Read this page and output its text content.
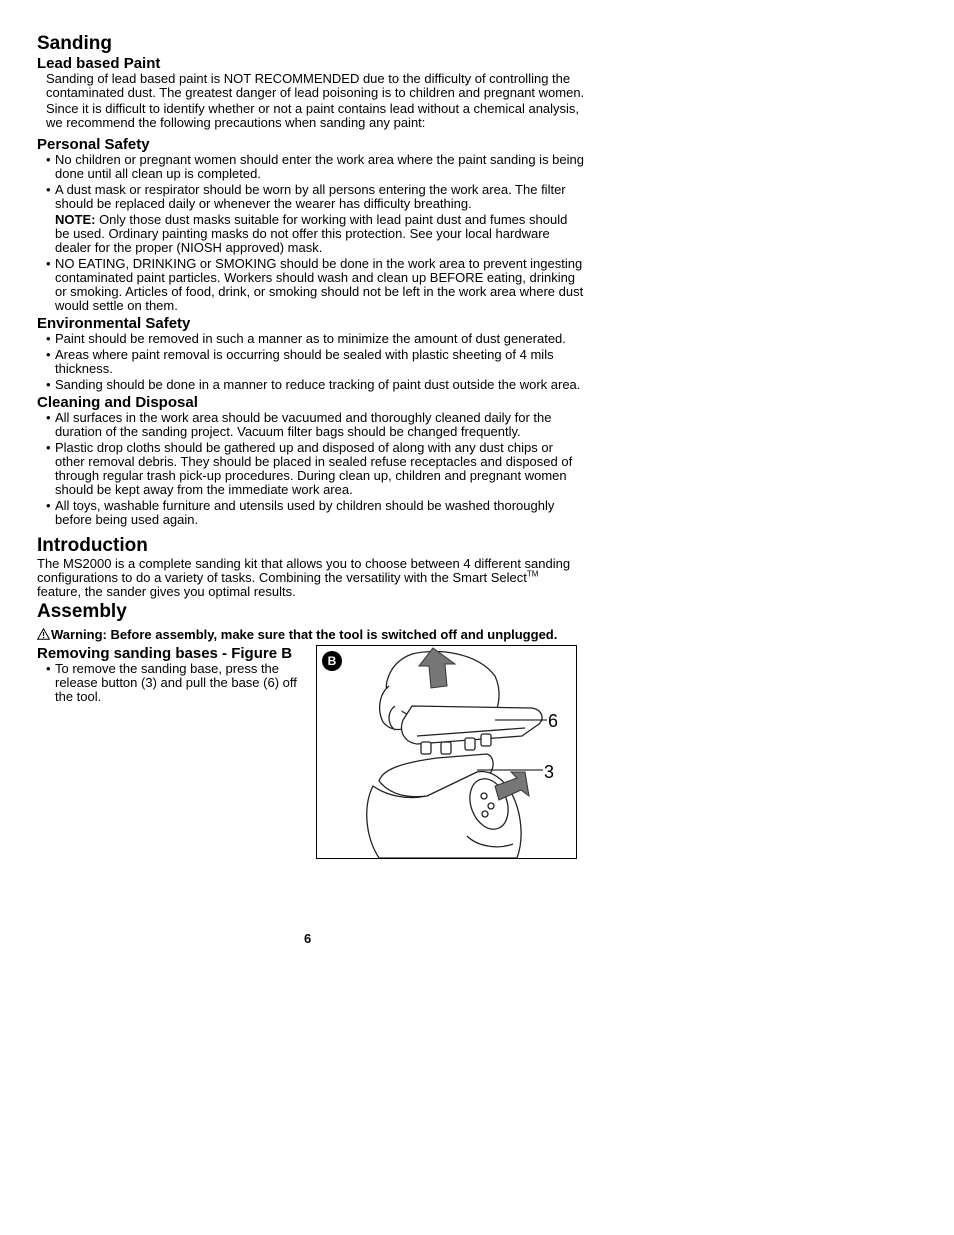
Sanding
Lead based Paint

Sanding of lead based paint is NOT RECOMMENDED due to the difficulty of controlling the contaminated dust. The greatest danger of lead poisoning is to children and pregnant women.

Since it is difficult to identify whether or not a paint contains lead without a chemical analysis, we recommend the following precautions when sanding any paint:

Personal Safety
• No children or pregnant women should enter the work area where the paint sanding is being done until all clean up is completed.
• A dust mask or respirator should be worn by all persons entering the work area. The filter should be replaced daily or whenever the wearer has difficulty breathing.
NOTE: Only those dust masks suitable for working with lead paint dust and fumes should be used. Ordinary painting masks do not offer this protection. See your local hardware dealer for the proper (NIOSH approved) mask.
• NO EATING, DRINKING or SMOKING should be done in the work area to prevent ingesting contaminated paint particles. Workers should wash and clean up BEFORE eating, drinking or smoking. Articles of food, drink, or smoking should not be left in the work area where dust would settle on them.
Environmental Safety
• Paint should be removed in such a manner as to minimize the amount of dust generated.
• Areas where paint removal is occurring should be sealed with plastic sheeting of 4 mils thickness.
• Sanding should be done in a manner to reduce tracking of paint dust outside the work area.
Cleaning and Disposal
• All surfaces in the work area should be vacuumed and thoroughly cleaned daily for the duration of the sanding project. Vacuum filter bags should be changed frequently.
• Plastic drop cloths should be gathered up and disposed of along with any dust chips or other removal debris. They should be placed in sealed refuse receptacles and disposed of through regular trash pick-up procedures. During clean up, children and pregnant women should be kept away from the immediate work area.
• All toys, washable furniture and utensils used by children should be washed thoroughly before being used again.
Introduction

The MS2000 is a complete sanding kit that allows you to choose between 4 different sanding configurations to do a variety of tasks. Combining the versatility with the Smart Select™ feature, the sander gives you optimal results.

Assembly
Warning: Before assembly, make sure that the tool is switched off and unplugged.
Removing sanding bases - Figure B
• To remove the sanding base, press the release button (3) and pull the base (6) off the tool.
B
6
3
6
